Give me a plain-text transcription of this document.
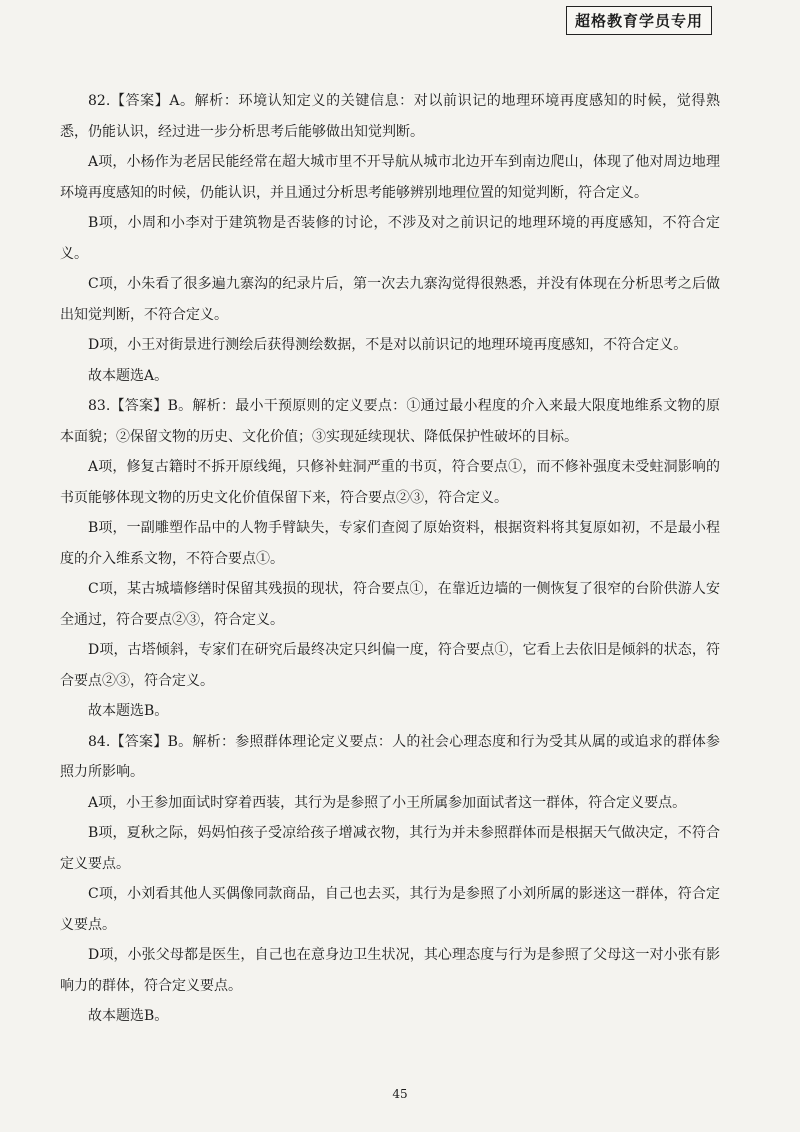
超格教育学员专用

82.【答案】A。解析：环境认知定义的关键信息：对以前识记的地理环境再度感知的时候，觉得熟悉，仍能认识，经过进一步分析思考后能够做出知觉判断。

A项，小杨作为老居民能经常在超大城市里不开导航从城市北边开车到南边爬山，体现了他对周边地理环境再度感知的时候，仍能认识，并且通过分析思考能够辨别地理位置的知觉判断，符合定义。

B项，小周和小李对于建筑物是否装修的讨论，不涉及对之前识记的地理环境的再度感知，不符合定义。

C项，小朱看了很多遍九寨沟的纪录片后，第一次去九寨沟觉得很熟悉，并没有体现在分析思考之后做出知觉判断，不符合定义。

D项，小王对街景进行测绘后获得测绘数据，不是对以前识记的地理环境再度感知，不符合定义。

故本题选A。

83.【答案】B。解析：最小干预原则的定义要点：①通过最小程度的介入来最大限度地维系文物的原本面貌；②保留文物的历史、文化价值；③实现延续现状、降低保护性破坏的目标。

A项，修复古籍时不拆开原线绳，只修补蛀洞严重的书页，符合要点①，而不修补强度未受蛀洞影响的书页能够体现文物的历史文化价值保留下来，符合要点②③，符合定义。

B项，一副雕塑作品中的人物手臂缺失，专家们查阅了原始资料，根据资料将其复原如初，不是最小程度的介入维系文物，不符合要点①。

C项，某古城墙修缮时保留其残损的现状，符合要点①，在靠近边墙的一侧恢复了很窄的台阶供游人安全通过，符合要点②③，符合定义。

D项，古塔倾斜，专家们在研究后最终决定只纠偏一度，符合要点①，它看上去依旧是倾斜的状态，符合要点②③，符合定义。

故本题选B。

84.【答案】B。解析：参照群体理论定义要点：人的社会心理态度和行为受其从属的或追求的群体参照力所影响。

A项，小王参加面试时穿着西装，其行为是参照了小王所属参加面试者这一群体，符合定义要点。

B项，夏秋之际，妈妈怕孩子受凉给孩子增减衣物，其行为并未参照群体而是根据天气做决定，不符合定义要点。

C项，小刘看其他人买偶像同款商品，自己也去买，其行为是参照了小刘所属的影迷这一群体，符合定义要点。

D项，小张父母都是医生，自己也在意身边卫生状况，其心理态度与行为是参照了父母这一对小张有影响力的群体，符合定义要点。

故本题选B。

45
